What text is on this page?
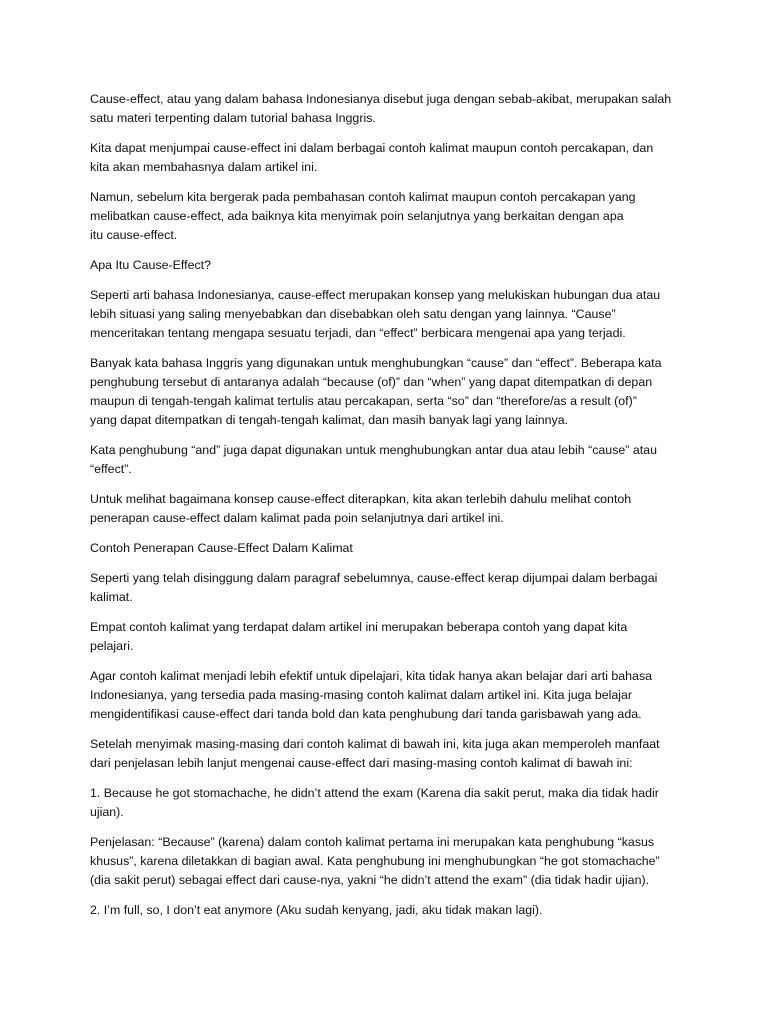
Cause-effect, atau yang dalam bahasa Indonesianya disebut juga dengan sebab-akibat, merupakan salah
satu materi terpenting dalam tutorial bahasa Inggris.

Kita dapat menjumpai cause-effect ini dalam berbagai contoh kalimat maupun contoh percakapan, dan
kita akan membahasnya dalam artikel ini.

Namun, sebelum kita bergerak pada pembahasan contoh kalimat maupun contoh percakapan yang
melibatkan cause-effect, ada baiknya kita menyimak poin selanjutnya yang berkaitan dengan apa
itu cause-effect.

Apa Itu Cause-Effect?

Seperti arti bahasa Indonesianya, cause-effect merupakan konsep yang melukiskan hubungan dua atau
lebih situasi yang saling menyebabkan dan disebabkan oleh satu dengan yang lainnya. “Cause”
menceritakan tentang mengapa sesuatu terjadi, dan “effect” berbicara mengenai apa yang terjadi.

Banyak kata bahasa Inggris yang digunakan untuk menghubungkan “cause” dan “effect”. Beberapa kata
penghubung tersebut di antaranya adalah “because (of)” dan “when” yang dapat ditempatkan di depan
maupun di tengah-tengah kalimat tertulis atau percakapan, serta “so” dan “therefore/as a result (of)”
yang dapat ditempatkan di tengah-tengah kalimat, dan masih banyak lagi yang lainnya.

Kata penghubung “and” juga dapat digunakan untuk menghubungkan antar dua atau lebih “cause” atau
“effect”.

Untuk melihat bagaimana konsep cause-effect diterapkan, kita akan terlebih dahulu melihat contoh
penerapan cause-effect dalam kalimat pada poin selanjutnya dari artikel ini.

Contoh Penerapan Cause-Effect Dalam Kalimat

Seperti yang telah disinggung dalam paragraf sebelumnya, cause-effect kerap dijumpai dalam berbagai
kalimat.

Empat contoh kalimat yang terdapat dalam artikel ini merupakan beberapa contoh yang dapat kita
pelajari.

Agar contoh kalimat menjadi lebih efektif untuk dipelajari, kita tidak hanya akan belajar dari arti bahasa
Indonesianya, yang tersedia pada masing-masing contoh kalimat dalam artikel ini. Kita juga belajar
mengidentifikasi cause-effect dari tanda bold dan kata penghubung dari tanda garisbawah yang ada.

Setelah menyimak masing-masing dari contoh kalimat di bawah ini, kita juga akan memperoleh manfaat
dari penjelasan lebih lanjut mengenai cause-effect dari masing-masing contoh kalimat di bawah ini:

1. Because he got stomachache, he didn’t attend the exam (Karena dia sakit perut, maka dia tidak hadir
ujian).

Penjelasan: “Because” (karena) dalam contoh kalimat pertama ini merupakan kata penghubung “kasus
khusus”, karena diletakkan di bagian awal. Kata penghubung ini menghubungkan “he got stomachache”
(dia sakit perut) sebagai effect dari cause-nya, yakni “he didn’t attend the exam” (dia tidak hadir ujian).

2. I’m full, so, I don’t eat anymore (Aku sudah kenyang, jadi, aku tidak makan lagi).
